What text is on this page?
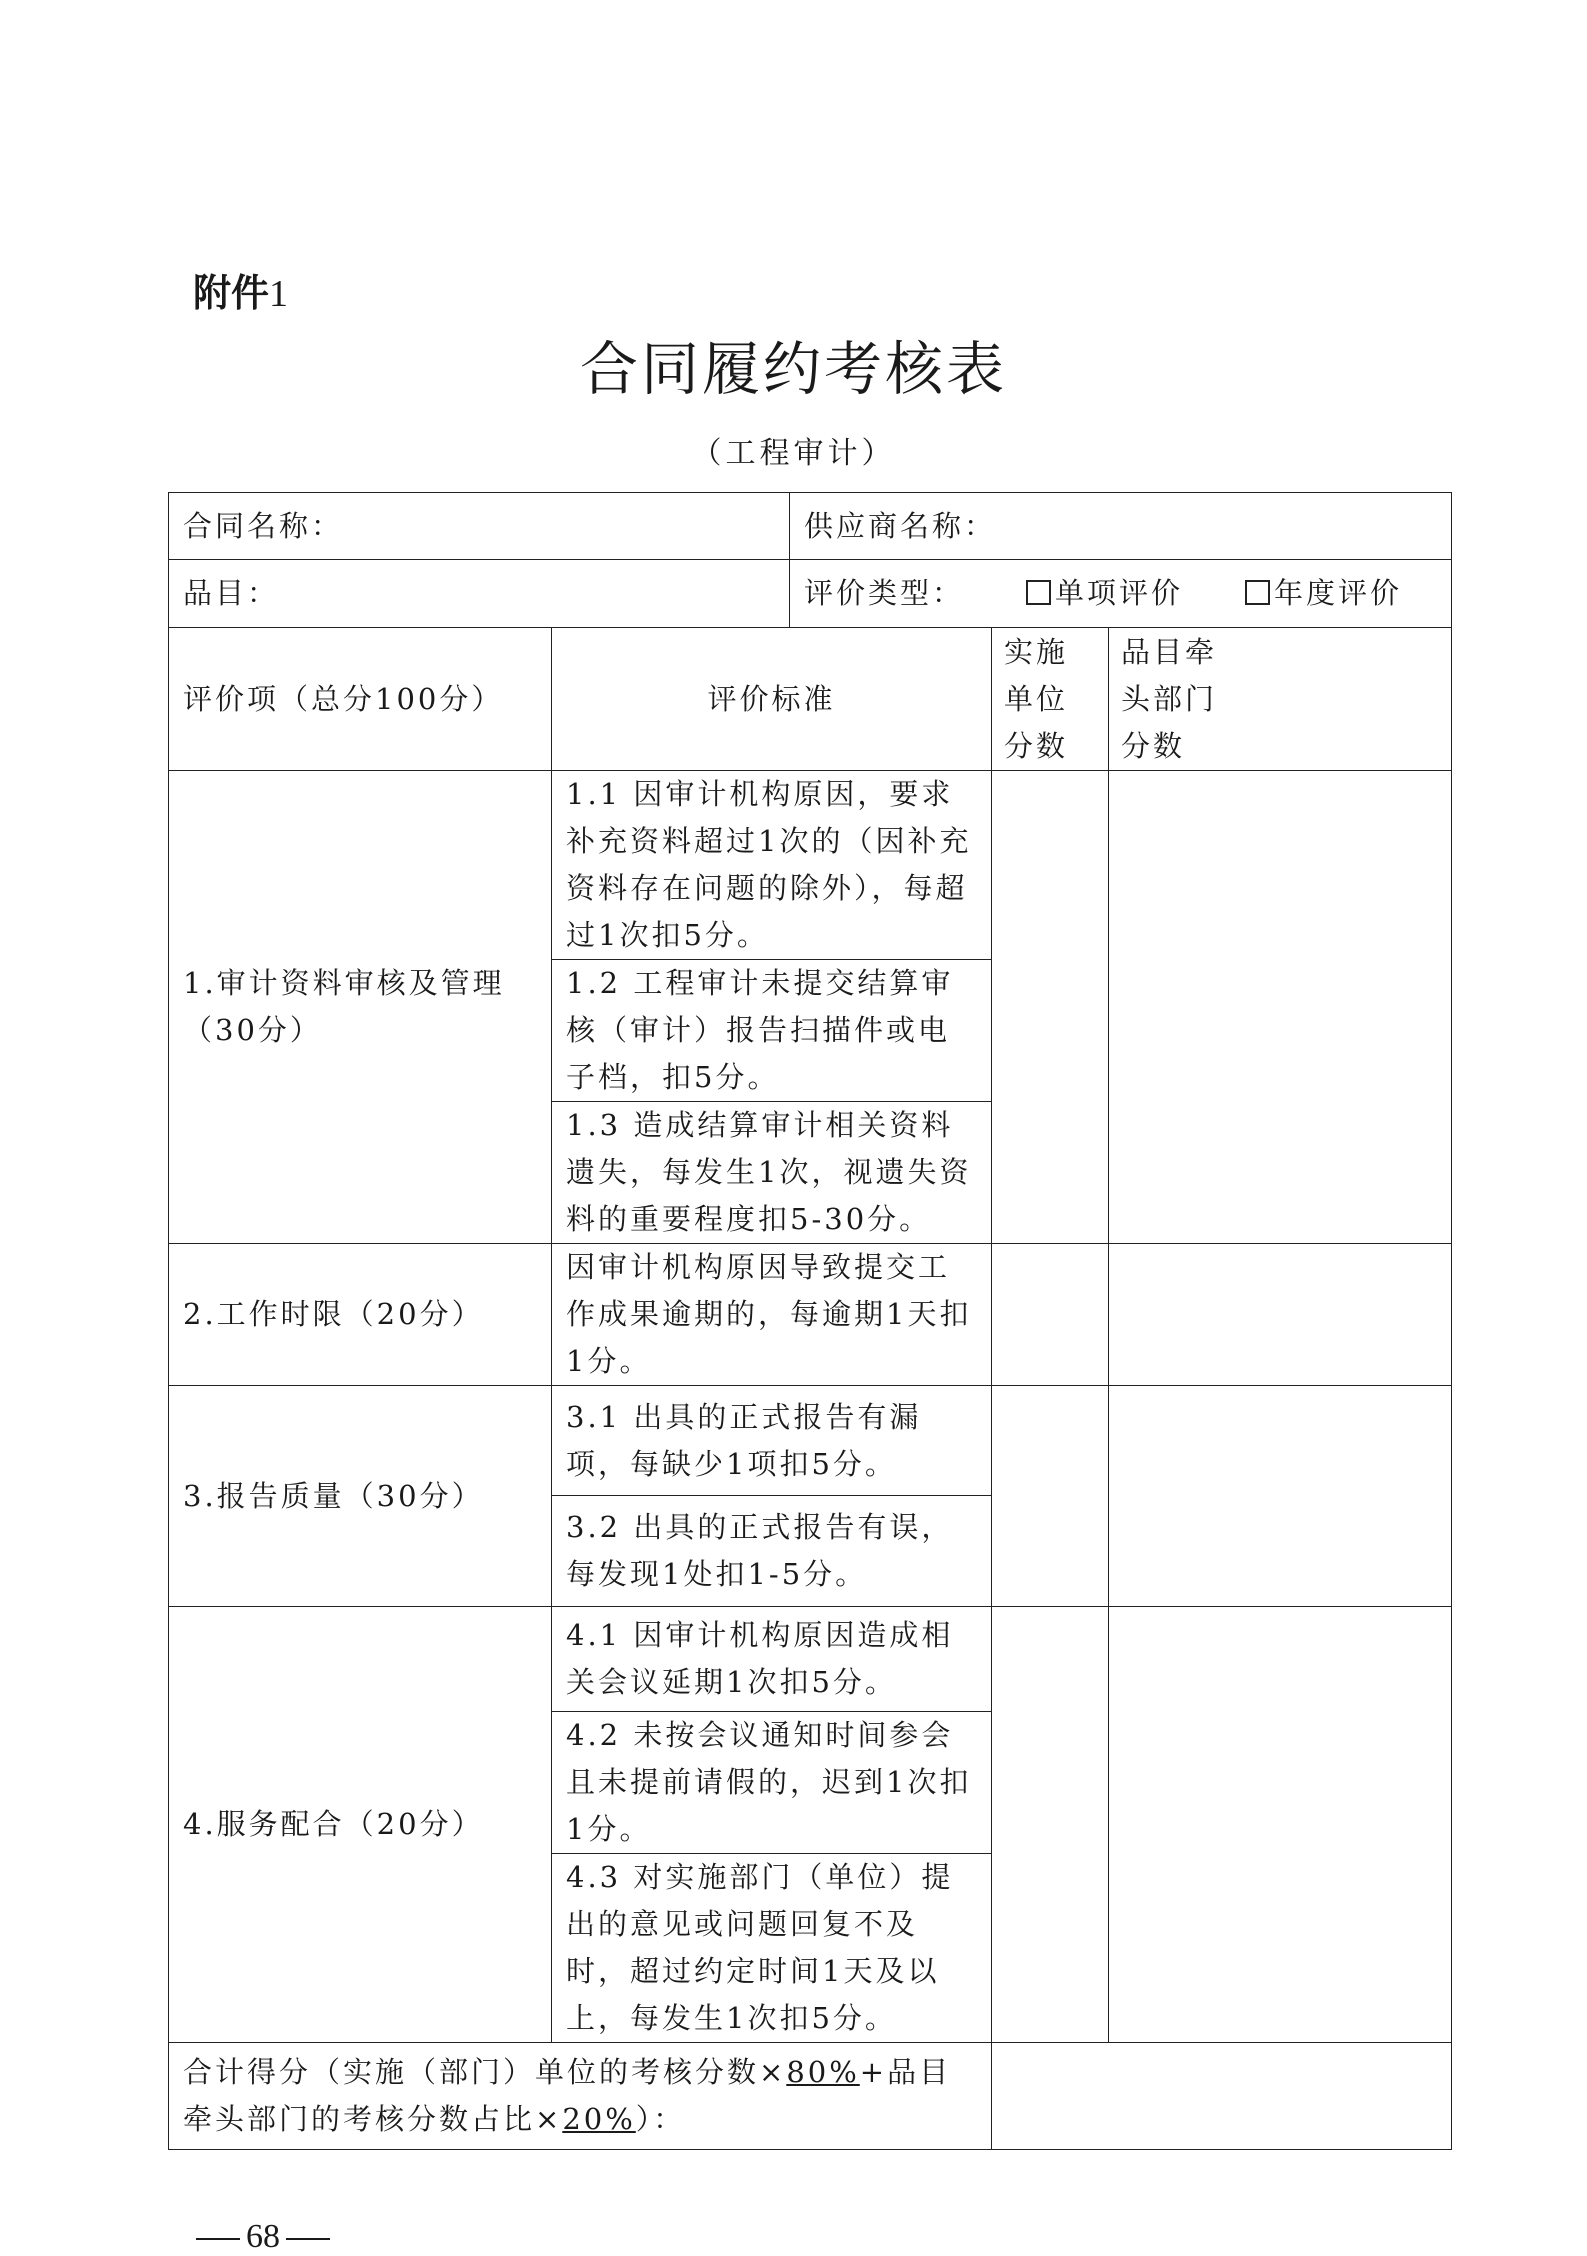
附件1
合同履约考核表
（工程审计）
合同名称：		供应商名称：		
品目：		评价类型： 单项评价 年度评价		
评价项（总分100分）	评价标准		实施单位分数	品目牵头部门分数

1.审计资料审核及管理（30分）	1.1 因审计机构原因，要求补充资料超过1次的（因补充资料存在问题的除外），每超过1次扣5分。			
	1.2 工程审计未提交结算审核（审计）报告扫描件或电子档，扣5分。			
	1.3 造成结算审计相关资料遗失，每发生1次，视遗失资料的重要程度扣5-30分。			
2.工作时限（20分）	因审计机构原因导致提交工作成果逾期的，每逾期1天扣1分。			
3.报告质量（30分）	3.1 出具的正式报告有漏项，每缺少1项扣5分。			
	3.2 出具的正式报告有误，每发现1处扣1-5分。			
4.服务配合（20分）	4.1 因审计机构原因造成相关会议延期1次扣5分。			
	4.2 未按会议通知时间参会且未提前请假的，迟到1次扣1分。			
	4.3 对实施部门（单位）提出的意见或问题回复不及时，超过约定时间1天及以上，每发生1次扣5分。			
合计得分（实施（部门）单位的考核分数×80%+品目牵头部门的考核分数占比×20%）：				
68
